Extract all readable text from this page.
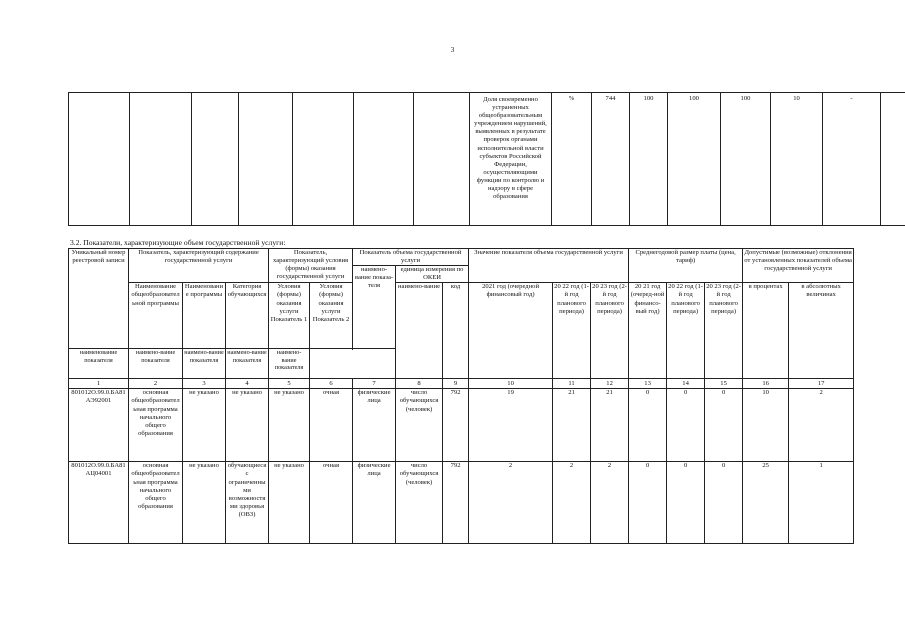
3
							Доля своевременно устраненных общеобразовательным учреждением нарушений, выявленных в результате проверок органами исполнительной власти субъектов Российской Федерации, осуществляющими функции по контролю и надзору в сфере образования	%	744	100	100	100	10	-	
3.2. Показатели, характеризующие объем государственной услуги:
Уникальный номер реестровой записи	Показатель, характеризующий содержание государственной услуги			Показатель, характеризующий условия (формы) оказания государственной услуги		Показатель объема государственной услуги			Значение показателя объема государственной услуги			Среднегодовой размер платы (цена, тариф)			Допустимые (возможные) отклонения от установленных показателей объема государственной услуги	
						наимено-вание показа-теля	единица измерения по ОКЕИ									
	Наименование общеобразовательной программы	Наименование программы	Категория обучающихся	Условия (формы) оказания услуги Показатель 1	Условия (формы) оказания услуги Показатель 2		наимено-вание	код	2021 год (очередной финансовый год)	20 22 год (1-й год планового периода)	20 23 год (2-й год планового периода)	20 21 год (очеред-ной финансо-вый год)	20 22 год (1-й год планового периода)	20 23 год (2-й год планового периода)	в процентах	в абсолютных величинах

наименование показателя	наимено-вание показателя	наимено-вание показателя	наимено-вание показателя	наимено-вание показателя												
1	2	3	4	5	6	7	8	9	10	11	12	13	14	15	16	17
801012О.99.0.БА81АЭ92001	основная общеобразовательная программа начального общего образования	не указано	не указано	не указано	очная	физические лица	число обучающихся (человек)	792	19	21	21	0	0	0	10	2
801012О.99.0.БА81АЦ04001	основная общеобразовательная программа начального общего образования	не указано	обучающиеся с ограниченными возможностями здоровья (ОВЗ)	не указано	очная	физические лица	число обучающихся (человек)	792	2	2	2	0	0	0	25	1
